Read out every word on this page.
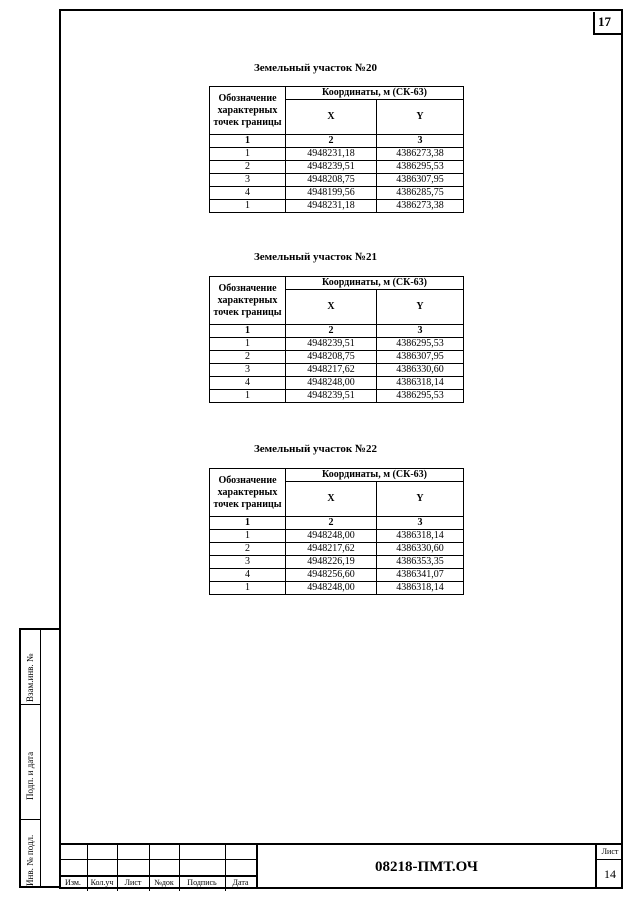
17
Земельный участок №20
Обозначение характерных точек границы	Координаты, м (СК-63)	
	X	Y
1	2	3
1	4948231,18	4386273,38
2	4948239,51	4386295,53
3	4948208,75	4386307,95
4	4948199,56	4386285,75
1	4948231,18	4386273,38
Земельный участок №21
Обозначение характерных точек границы	Координаты, м (СК-63)	
	X	Y
1	2	3
1	4948239,51	4386295,53
2	4948208,75	4386307,95
3	4948217,62	4386330,60
4	4948248,00	4386318,14
1	4948239,51	4386295,53
Земельный участок №22
Обозначение характерных точек границы	Координаты, м (СК-63)	
	X	Y
1	2	3
1	4948248,00	4386318,14
2	4948217,62	4386330,60
3	4948226,19	4386353,35
4	4948256,60	4386341,07
1	4948248,00	4386318,14
Взам.инв. №
Подп. и дата
Инв. № подл.	Изм.	Кол.уч	Лист	№док	Подпись	Дата
08218-ПМТ.ОЧ
Лист
14
